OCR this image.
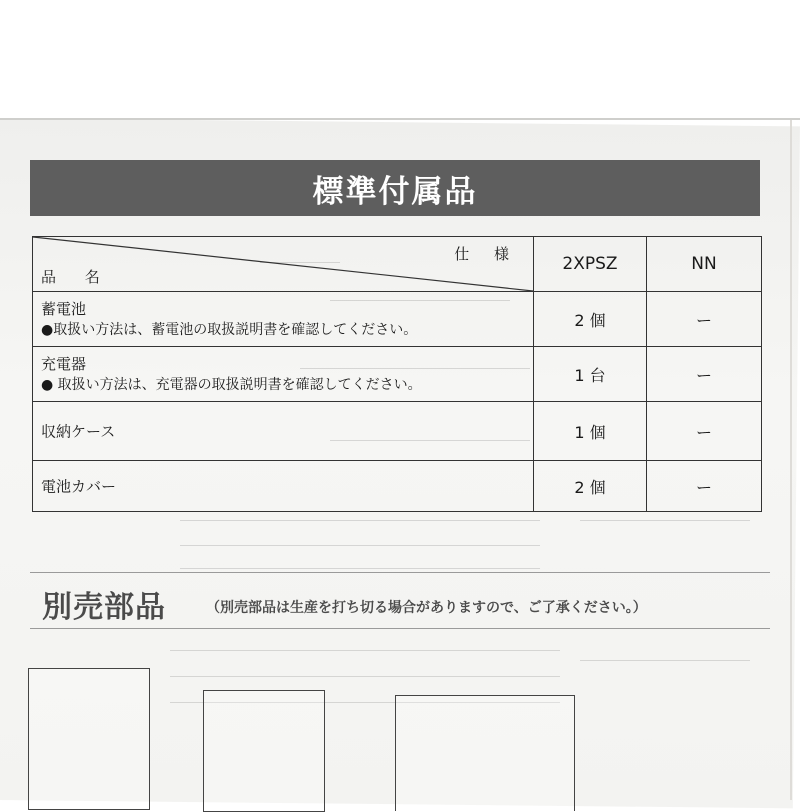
標準付属品
仕 様
品 名	2XPSZ	NN

蓄電池
●取扱い方法は、蓄電池の取扱説明書を確認してください。	2 個	ー

充電器
● 取扱い方法は、充電器の取扱説明書を確認してください。	1 台	ー

収納ケース	1 個	ー

電池カバー	2 個	ー
別売部品	（別売部品は生産を打ち切る場合がありますので、ご了承ください。）
